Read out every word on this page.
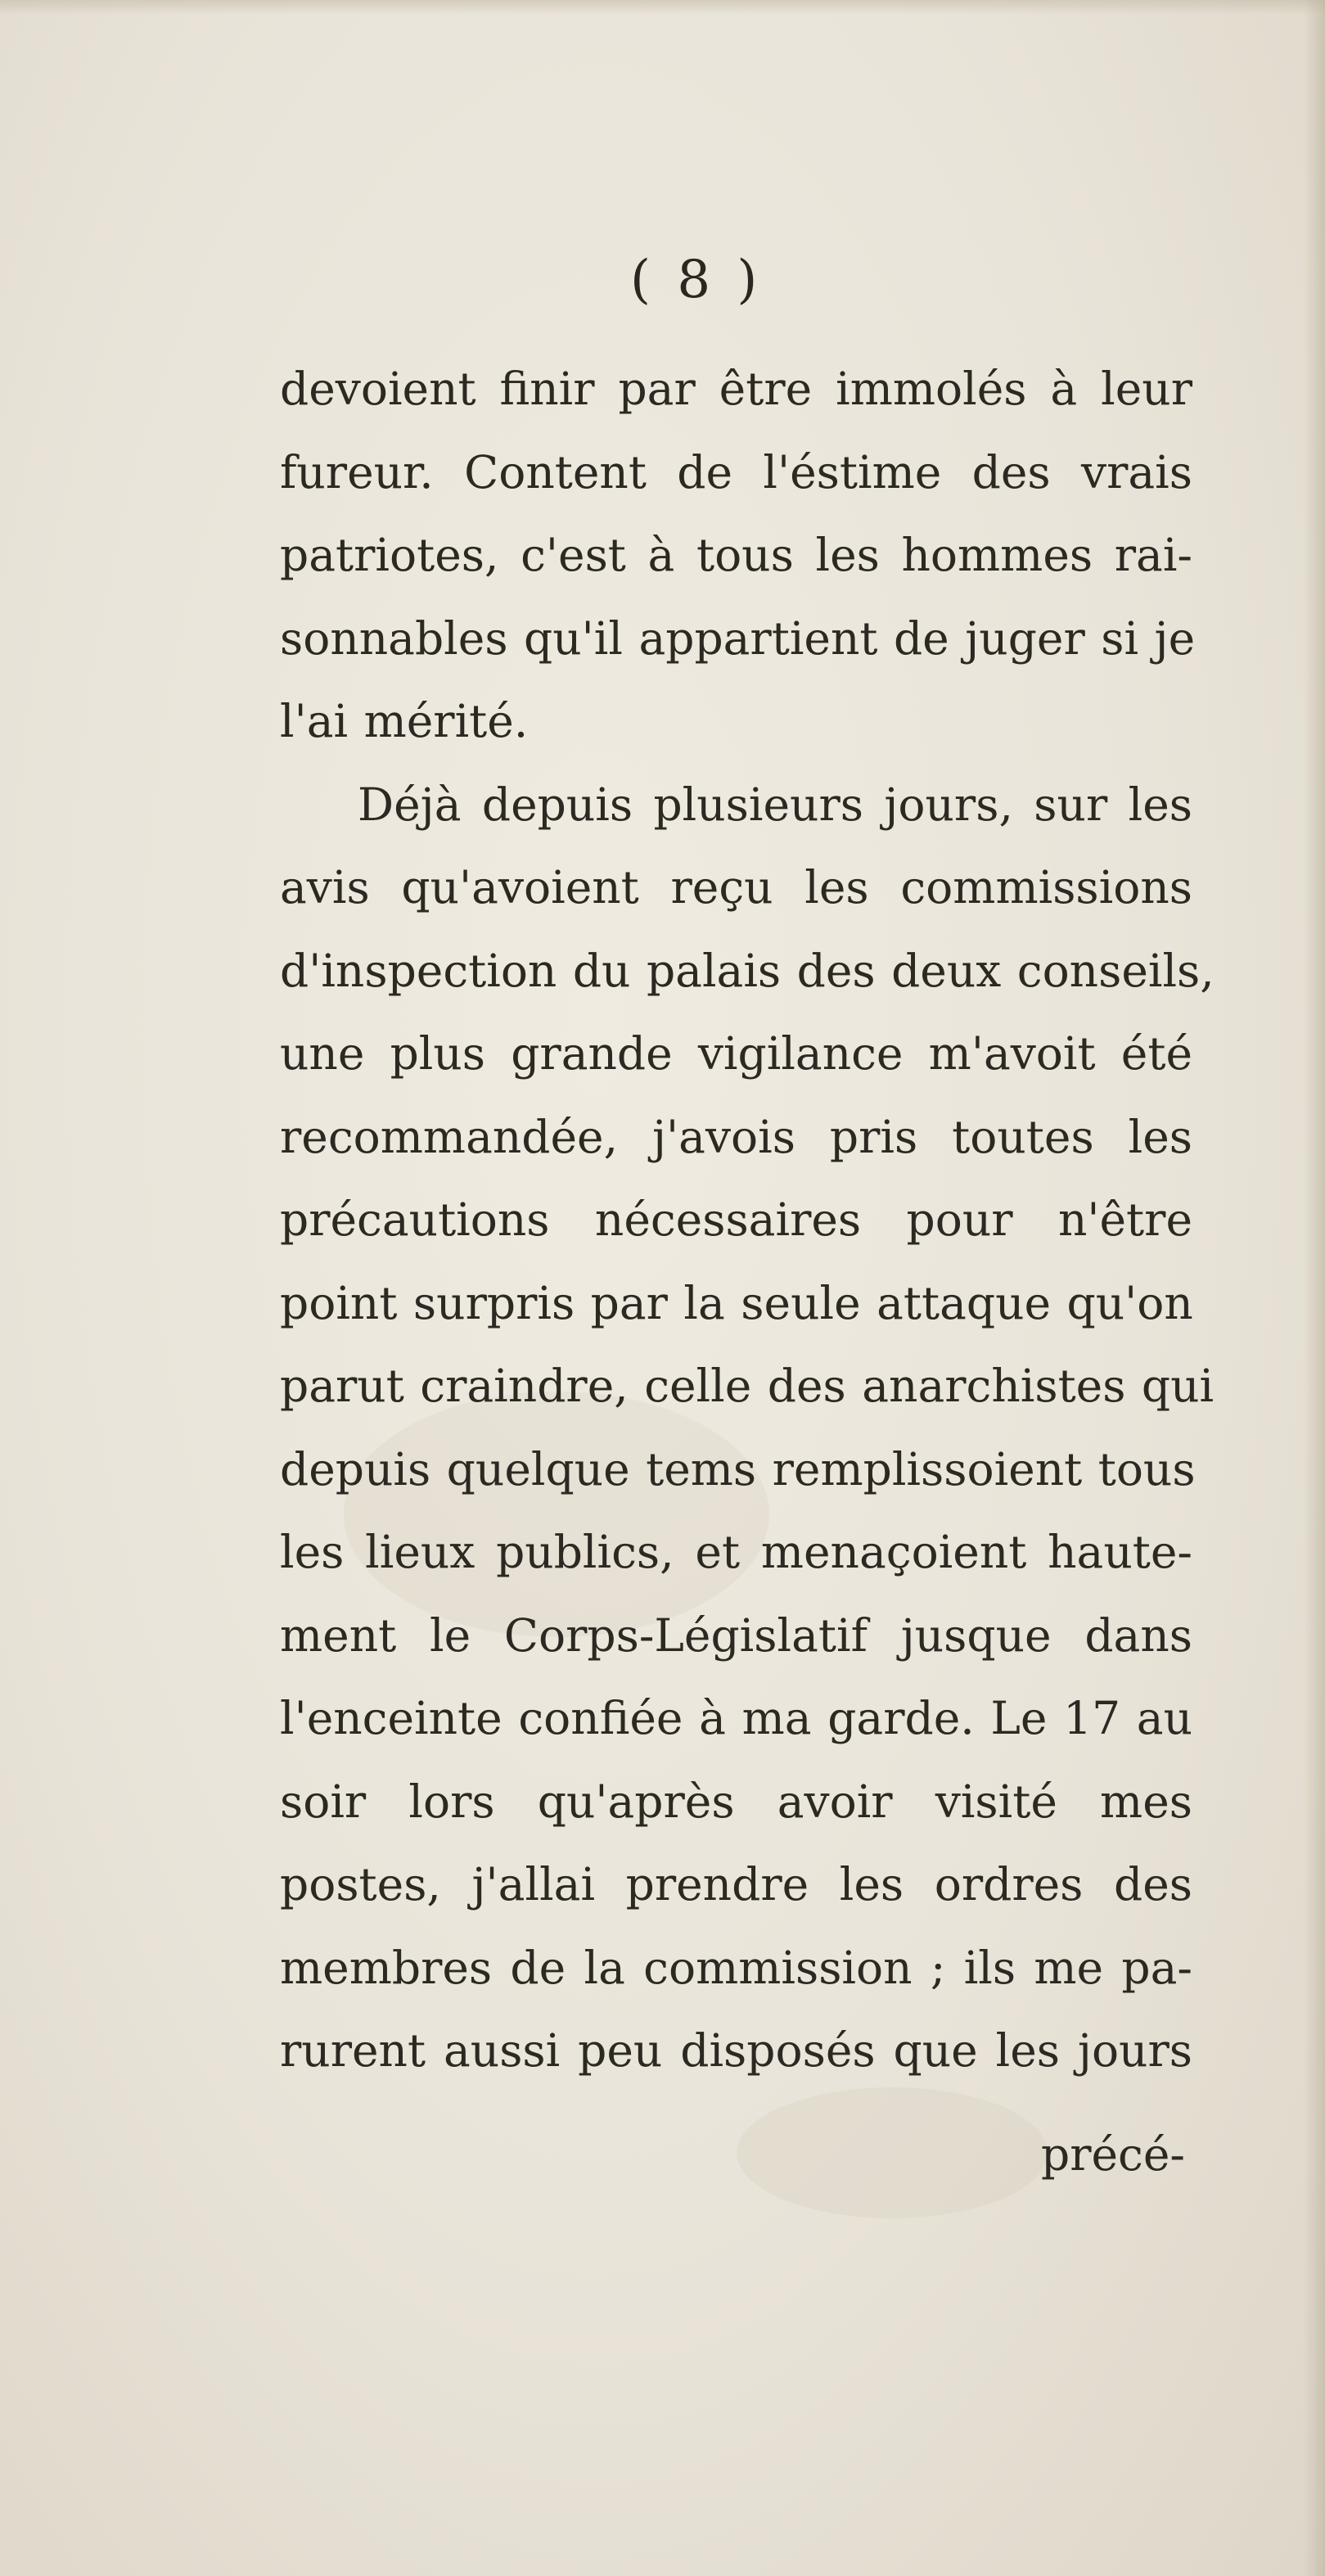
( 8 )
devoient finir par être immolés à leur
fureur. Content de l'éstime des vrais
patriotes, c'est à tous les hommes rai-
sonnables qu'il appartient de juger si je
l'ai mérité.
Déjà depuis plusieurs jours, sur les
avis qu'avoient reçu les commissions
d'inspection du palais des deux conseils,
une plus grande vigilance m'avoit été
recommandée, j'avois pris toutes les
précautions nécessaires pour n'être
point surpris par la seule attaque qu'on
parut craindre, celle des anarchistes qui
depuis quelque tems remplissoient tous
les lieux publics, et menaçoient haute-
ment le Corps-Législatif jusque dans
l'enceinte confiée à ma garde. Le 17 au
soir lors qu'après avoir visité mes
postes, j'allai prendre les ordres des
membres de la commission ; ils me pa-
rurent aussi peu disposés que les jours
précé-
